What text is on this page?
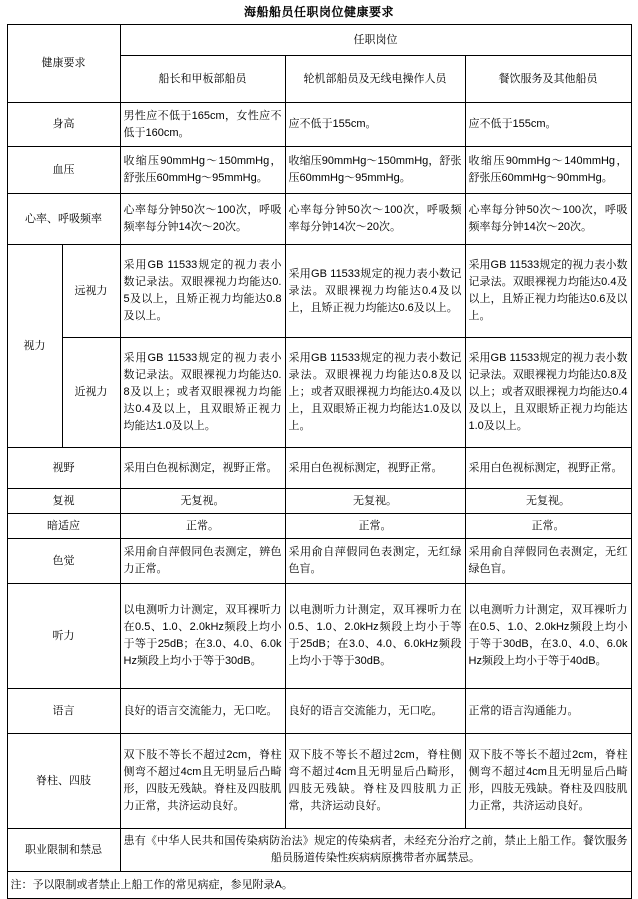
海船船员任职岗位健康要求
健康要求		任职岗位		
		船长和甲板部船员	轮机部船员及无线电操作人员	餐饮服务及其他船员
身高		男性应不低于165cm，女性应不低于160cm。	应不低于155cm。	应不低于155cm。
血压		收缩压90mmHg～150mmHg，舒张压60mmHg～95mmHg。	收缩压90mmHg～150mmHg，舒张压60mmHg～95mmHg。	收缩压90mmHg～140mmHg，舒张压60mmHg～90mmHg。
心率、呼吸频率		心率每分钟50次～100次，呼吸频率每分钟14次～20次。	心率每分钟50次～100次，呼吸频率每分钟14次～20次。	心率每分钟50次～100次，呼吸频率每分钟14次～20次。
视力	远视力	采用GB 11533规定的视力表小数记录法。双眼裸视力均能达0.5及以上，且矫正视力均能达0.8及以上。	采用GB 11533规定的视力表小数记录法。双眼裸视力均能达0.4及以上，且矫正视力均能达0.6及以上。	采用GB 11533规定的视力表小数记录法。双眼裸视力均能达0.4及以上，且矫正视力均能达0.6及以上。
	近视力	采用GB 11533规定的视力表小数记录法。双眼裸视力均能达0.8及以上；或者双眼裸视力均能达0.4及以上，且双眼矫正视力均能达1.0及以上。	采用GB 11533规定的视力表小数记录法。双眼裸视力均能达0.8及以上；或者双眼裸视力均能达0.4及以上，且双眼矫正视力均能达1.0及以上。	采用GB 11533规定的视力表小数记录法。双眼裸视力均能达0.8及以上；或者双眼裸视力均能达0.4及以上，且双眼矫正视力均能达1.0及以上。
视野		采用白色视标测定，视野正常。	采用白色视标测定，视野正常。	采用白色视标测定，视野正常。
复视		无复视。	无复视。	无复视。
暗适应		正常。	正常。	正常。
色觉		采用俞自萍假同色表测定，辨色力正常。	采用俞自萍假同色表测定，无红绿色盲。	采用俞自萍假同色表测定，无红绿色盲。
听力		以电测听力计测定，双耳裸听力在0.5、1.0、2.0kHz频段上均小于等于25dB；在3.0、4.0、6.0kHz频段上均小于等于30dB。	以电测听力计测定，双耳裸听力在0.5、1.0、2.0kHz频段上均小于等于25dB；在3.0、4.0、6.0kHz频段上均小于等于30dB。	以电测听力计测定，双耳裸听力在0.5、1.0、2.0kHz频段上均小于等于30dB，在3.0、4.0、6.0kHz频段上均小于等于40dB。
语言		良好的语言交流能力，无口吃。	良好的语言交流能力，无口吃。	正常的语言沟通能力。
脊柱、四肢		双下肢不等长不超过2cm，脊柱侧弯不超过4cm且无明显后凸畸形，四肢无残缺。脊柱及四肢肌力正常，共济运动良好。	双下肢不等长不超过2cm，脊柱侧弯不超过4cm且无明显后凸畸形，四肢无残缺。脊柱及四肢肌力正常，共济运动良好。	双下肢不等长不超过2cm，脊柱侧弯不超过4cm且无明显后凸畸形，四肢无残缺。脊柱及四肢肌力正常，共济运动良好。
职业限制和禁忌		患有《中华人民共和国传染病防治法》规定的传染病者，未经充分治疗之前，禁止上船工作。餐饮服务船员肠道传染性疾病病原携带者亦属禁忌。		
注：予以限制或者禁止上船工作的常见病症，参见附录A。				
